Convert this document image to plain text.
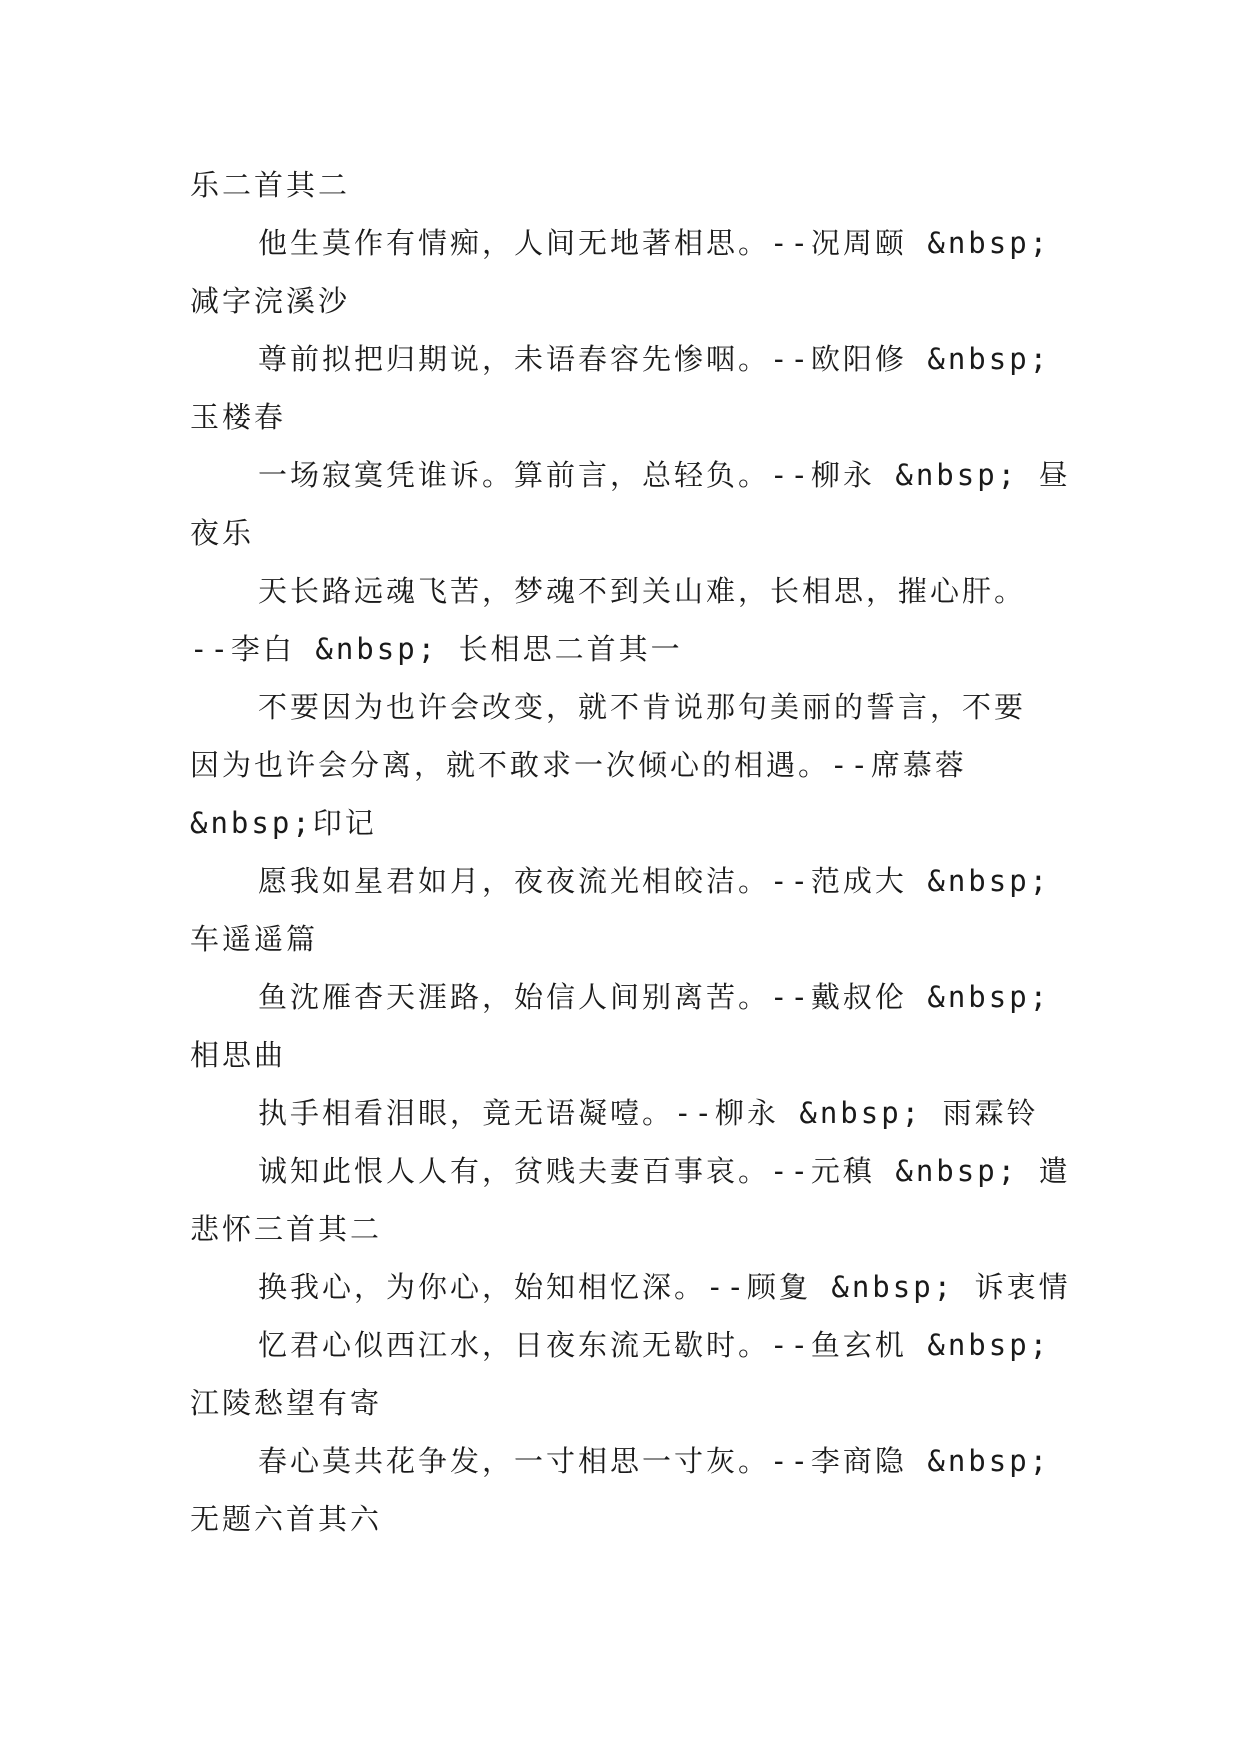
乐二首其二
他生莫作有情痴，人间无地著相思。--况周颐 &nbsp;
减字浣溪沙
尊前拟把归期说，未语春容先惨咽。--欧阳修 &nbsp;
玉楼春
一场寂寞凭谁诉。算前言，总轻负。--柳永 &nbsp; 昼
夜乐
天长路远魂飞苦，梦魂不到关山难，长相思，摧心肝。
--李白 &nbsp; 长相思二首其一
不要因为也许会改变，就不肯说那句美丽的誓言，不要
因为也许会分离，就不敢求一次倾心的相遇。--席慕蓉
&nbsp;印记
愿我如星君如月，夜夜流光相皎洁。--范成大 &nbsp;
车遥遥篇
鱼沈雁杳天涯路，始信人间别离苦。--戴叔伦 &nbsp;
相思曲
执手相看泪眼，竟无语凝噎。--柳永 &nbsp; 雨霖铃
诚知此恨人人有，贫贱夫妻百事哀。--元稹 &nbsp; 遣
悲怀三首其二
换我心，为你心，始知相忆深。--顾夐 &nbsp; 诉衷情
忆君心似西江水，日夜东流无歇时。--鱼玄机 &nbsp;
江陵愁望有寄
春心莫共花争发，一寸相思一寸灰。--李商隐 &nbsp;
无题六首其六
